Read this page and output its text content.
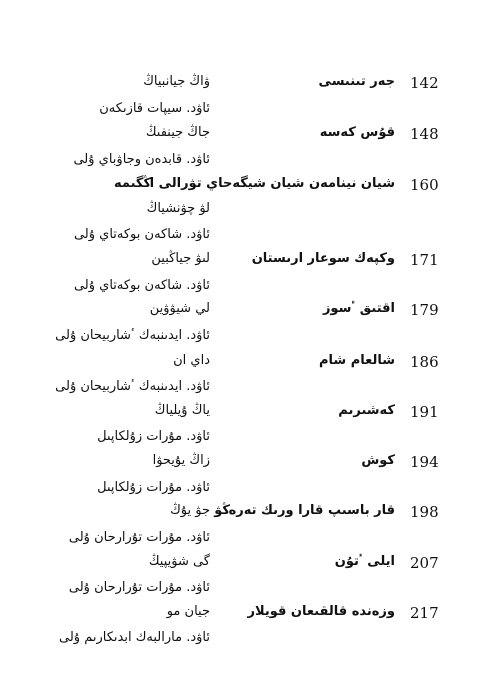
142
جەر تىنىسى
ۋاڭ جيانبياڭ
ئاۋد. سيپات قازىكەن
148
قۇس كەسە
جاڭ جينفىڭ
ئاۋد. قابدەن وجاۋباي ۇلى
160
شيان نينامەن شيان شيگەحاي تۋرالى اڭگىمە
لۋ چۋنشياڭ
ئاۋد. شاكەن بوكەتاي ۇلى
171
وكپەك سوعار ارىستان
لىۋ جياڭبين
ئاۋد. شاكەن بوكەتاي ۇلى
179
اقتىق ٴسوز
لي شيۋۋين
ئاۋد. ايدىنبەك ٴشاربيحان ۇلى
186
شالعام شام
داي ان
ئاۋد. ايدىنبەك ٴشاربيحان ۇلى
191
كەشىرىم
ياڭ ۇيلياڭ
ئاۋد. مۇرات زۇلكاپىل
194
كوش
زاڭ يۇيحۋا
ئاۋد. مۇرات زۇلكاپىل
198
قار باسىپ قارا ورىك تەرەڭۋ
جۋ يۇڭ
ئاۋد. مۇرات تۇرارحان ۇلى
207
ايلى ٴتۇن
گى شۋيپيڭ
ئاۋد. مۇرات تۇرارحان ۇلى
217
وزەندە قالقىعان قويلار
جيان مو
ئاۋد. مارالبەك ابدىكارىم ۇلى
